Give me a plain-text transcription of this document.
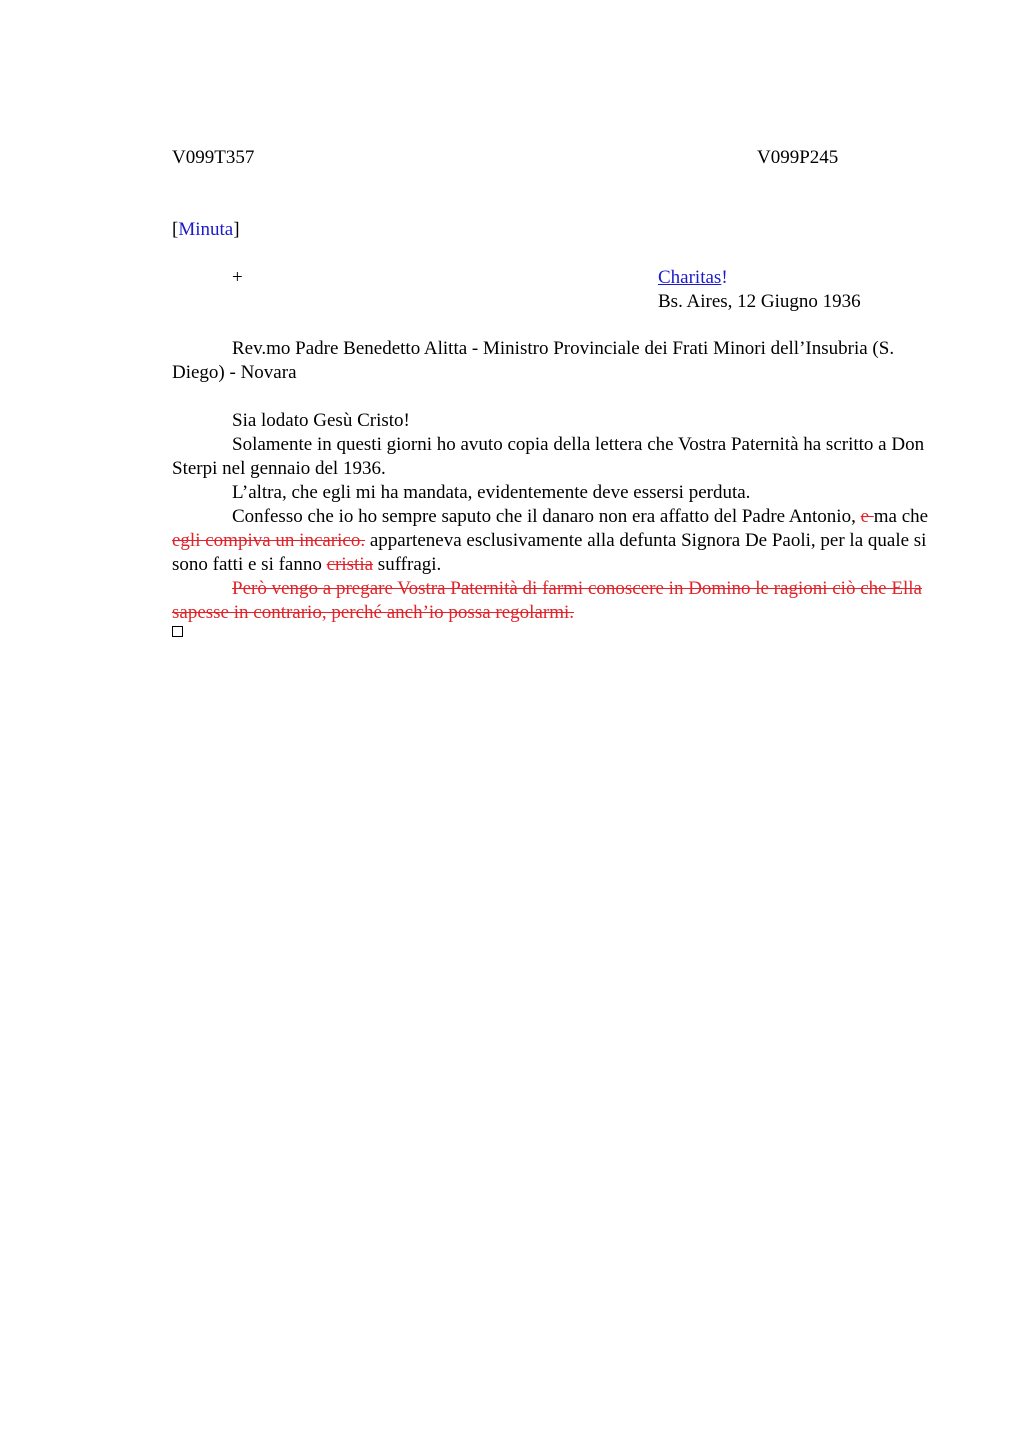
V099T357	V099P245
[Minuta]
+	Charitas!
Bs. Aires, 12 Giugno 1936

Rev.mo Padre Benedetto Alitta - Ministro Provinciale dei Frati Minori dell’Insubria (S. Diego) - Novara

Sia lodato Gesù Cristo!

Solamente in questi giorni ho avuto copia della lettera che Vostra Paternità ha scritto a Don Sterpi nel gennaio del 1936.

L’altra, che egli mi ha mandata, evidentemente deve essersi perduta.

Confesso che io ho sempre saputo che il danaro non era affatto del Padre Antonio, e ma che egli compiva un incarico. apparteneva esclusivamente alla defunta Signora De Paoli, per la quale si sono fatti e si fanno cristia suffragi.

Però vengo a pregare Vostra Paternità di farmi conoscere in Domino le ragioni ciò che Ella sapesse in contrario, perché anch’io possa regolarmi.
